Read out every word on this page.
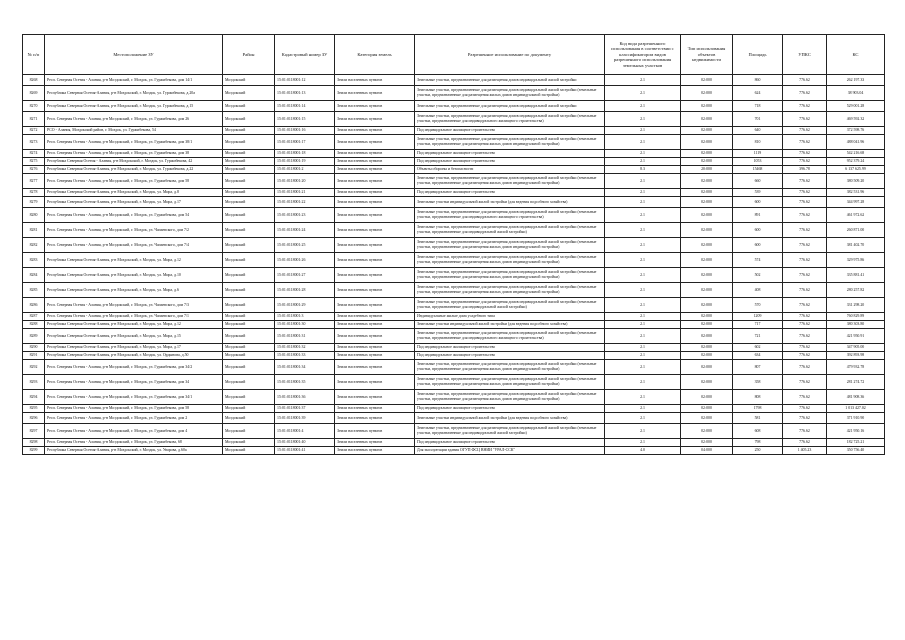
№ п/п	Местоположение ЗУ	Район	Кадастровый номер ЗУ	Категория земель	Разрешенное использование по документу	Код вида разрешенного использования в соответствии с классификатором видов разрешенного использования земельных участков	Тип использования объектов недвижимости	Площадь	УПКС	КС
8268	Респ. Северная Осетия - Алания, р-н Моздокский, г. Моздок, ул. Гуржибекова, дом 14/1	Моздокский	15:01:0118001:12	Земли населенных пунктов	Земельные участки, предназначенные для размещения домов индивидуальной жилой застройки	2.1	02:000	860	776.62	262 197.33
8269	Республика Северная Осетия-Алания, р-н Моздокский, г. Моздок, ул. Гуржибекова, д.20а	Моздокский	15:01:0118001:13	Земли населенных пунктов	Земельные участки, предназначенные для размещения домов индивидуальной жилой застройки (земельные участки, предназначенные для размещения жилых домов индивидуальной застройки)	2.1	02:000	624	776.62	38 903.04
8270	Республика Северная Осетия-Алания, р-н Моздокский, г. Моздок, ул. Гуржибекова, д.15	Моздокский	15:01:0118001:14	Земли населенных пунктов	Земельные участки, предназначенные для размещения домов индивидуальной жилой застройки	2.1	02:000	718	776.62	529 001.28
8271	Респ. Северная Осетия - Алания, р-н Моздокский, г. Моздок, ул. Гуржибекова, дом 26	Моздокский	15:01:0118001:15	Земли населенных пунктов	Земельные участки, предназначенные для размещения домов индивидуальной жилой застройки (земельные участки, предназначенные для индивидуального жилищного строительства)	2.1	02:000	701	776.62	469 592.32
8272	РСО - Алания, Моздокский район, г. Моздок, ул. Гуржибекова, 54	Моздокский	15:01:0118001:16	Земли населенных пунктов	Под индивидуальное жилищное строительство	2.1	02:000	640	776.62	372 598.76
8273	Респ. Северная Осетия - Алания, р-н Моздокский, г. Моздок, ул. Гуржибекова, дом 38/1	Моздокский	15:01:0118001:17	Земли населенных пунктов	Земельные участки, предназначенные для размещения домов индивидуальной жилой застройки (земельные участки, предназначенные для размещения жилых домов индивидуальной застройки)	2.1	02:000	810	776.62	488 041.96
8274	Респ. Северная Осетия - Алания, р-н Моздокский, г. Моздок, ул. Гуржибекова, дом 38	Моздокский	15:01:0118001:18	Земли населенных пунктов	Под индивидуальное жилищное строительство	2.1	02:000	1119	776.62	542 216.68
8275	Республика Северная Осетия - Алания, р-н Моздокский, г. Моздок, ул. Гуржибекова, 42	Моздокский	15:01:0118001:19	Земли населенных пунктов	Под индивидуальное жилищное строительство	2.1	02:000	1053	776.62	952 379.24
8276	Республика Северная Осетия-Алания, р-н Моздокский, г. Моздок, ул. Гуржибекова, д.22	Моздокский	15:01:0118001:2	Земли населенных пунктов	Объекты обороны и безопасности	8.3	20:000	15468	396.78	6 137 625.99
8277	Респ. Северная Осетия - Алания, р-н Моздокский, г. Моздок, ул. Гуржибекова, дом 58	Моздокский	15:01:0118001:20	Земли населенных пунктов	Земельные участки, предназначенные для размещения домов индивидуальной жилой застройки (земельные участки, предназначенные для размещения жилых домов индивидуальной застройки)	2.1	02:000	660	776.62	380 509.20
8278	Республика Северная Осетия-Алания, р-н Моздокский, г. Моздок, ул. Мира, д.8	Моздокский	15:01:0118001:21	Земли населенных пунктов	Под индивидуальное жилищное строительство	2.1	02:000	539	776.62	382 531.96
8279	Республика Северная Осетия-Алания, р-н Моздокский, г. Моздок, ул. Мира, д.17	Моздокский	15:01:0118001:22	Земли населенных пунктов	Земельные участки индивидуальной жилой застройки (для ведения подсобного хозяйства)	2.1	02:000	600	776.62	344 997.28
8280	Респ. Северная Осетия - Алания, р-н Моздокский, г. Моздок, ул. Гуржибекова, дом 54	Моздокский	15:01:0118001:23	Земли населенных пунктов	Земельные участки, предназначенные для размещения домов индивидуальной жилой застройки (земельные участки, предназначенные для индивидуального жилищного строительства)	2.1	02:000	891	776.62	461 972.62
8281	Респ. Северная Осетия - Алания, р-н Моздокский, г. Моздок, ул. Чапаевского, дом 7/2	Моздокский	15:01:0118001:24	Земли населенных пунктов	Земельные участки, предназначенные для размещения домов индивидуальной жилой застройки (земельные участки, предназначенные для индивидуальной жилой застройки)	2.1	02:000	600	776.62	260 871.00
8282	Респ. Северная Осетия - Алания, р-н Моздокский, г. Моздок, ул. Чапаевского, дом 7/4	Моздокский	15:01:0118001:25	Земли населенных пунктов	Земельные участки, предназначенные для размещения домов индивидуальной жилой застройки (земельные участки, предназначенные для размещения жилых домов индивидуальной застройки)	2.1	02:000	600	776.62	381 402.70
8283	Республика Северная Осетия-Алания, р-н Моздокский, г. Моздок, ул. Мира, д.12	Моздокский	15:01:0118001:26	Земли населенных пунктов	Земельные участки, предназначенные для размещения домов индивидуальной жилой застройки (земельные участки, предназначенные для размещения жилых домов индивидуальной застройки)	2.1	02:000	574	776.62	329 975.86
8284	Республика Северная Осетия-Алания, р-н Моздокский, г. Моздок, ул. Мира, д.10	Моздокский	15:01:0118001:27	Земли населенных пунктов	Земельные участки, предназначенные для размещения домов индивидуальной жилой застройки (земельные участки, предназначенные для размещения жилых домов индивидуальной застройки)	2.1	02:000	502	776.62	335 881.41
8285	Республика Северная Осетия-Алания, р-н Моздокский, г. Моздок, ул. Мира, д.6	Моздокский	15:01:0118001:28	Земли населенных пунктов	Земельные участки, предназначенные для размещения домов индивидуальной жилой застройки (земельные участки, предназначенные для размещения жилых домов индивидуальной застройки)	2.1	02:000	408	776.62	280 257.82
8286	Респ. Северная Осетия - Алания, р-н Моздокский, г. Моздок, ул. Чапаевского, дом 7/3	Моздокский	15:01:0118001:29	Земли населенных пунктов	Земельные участки, предназначенные для размещения домов индивидуальной жилой застройки (земельные участки, предназначенные для индивидуальной жилой застройки)	2.1	02:000	570	776.62	331 298.20
8287	Респ. Северная Осетия - Алания, р-н Моздокский, г. Моздок, ул. Чапаевского, дом 7/1	Моздокский	15:01:0118001:3	Земли населенных пунктов	Индивидуальные жилые дома усадебного типа	2.1	02:000	1209	776.62	760 829.89
8288	Республика Северная Осетия-Алания, р-н Моздокский, г. Моздок, ул. Мира, д.12	Моздокский	15:01:0118001:30	Земли населенных пунктов	Земельные участки индивидуальной жилой застройки (для ведения подсобного хозяйства)	2.1	02:000	717	776.62	380 303.80
8289	Республика Северная Осетия-Алания, р-н Моздокский, г. Моздок, ул. Мира, д.15	Моздокский	15:01:0118001:31	Земли населенных пунктов	Земельные участки, предназначенные для размещения домов индивидуальной жилой застройки (земельные участки, предназначенные для индивидуального жилищного строительства)	2.1	02:000	721	776.62	421 950.91
8290	Республика Северная Осетия-Алания, р-н Моздокский, г. Моздок, ул. Мира, д.17	Моздокский	15:01:0118001:32	Земли населенных пунктов	Под индивидуальное жилищное строительство	2.1	02:000	602	776.62	347 905.00
8291	Республика Северная Осетия-Алания, р-н Моздокский, г. Моздок, ул. Ордынова, д.50	Моздокский	15:01:0118001:33	Земли населенных пунктов	Под индивидуальное жилищное строительство	2.1	02:000	634	776.62	392 893.98
8292	Респ. Северная Осетия - Алания, р-н Моздокский, г. Моздок, ул. Гуржибекова, дом 34/2	Моздокский	15:01:0118001:34	Земли населенных пунктов	Земельные участки, предназначенные для размещения домов индивидуальной жилой застройки (земельные участки, предназначенные для размещения жилых домов индивидуальной застройки)	2.1	02:000	807	776.62	479 932.78
8293	Респ. Северная Осетия - Алания, р-н Моздокский, г. Моздок, ул. Гуржибекова, дом 34	Моздокский	15:01:0118001:35	Земли населенных пунктов	Земельные участки, предназначенные для размещения домов индивидуальной жилой застройки (земельные участки, предназначенные для размещения жилых домов индивидуальной застройки)	2.1	02:000	358	776.62	281 274.72
8294	Респ. Северная Осетия - Алания, р-н Моздокский, г. Моздок, ул. Гуржибекова, дом 34/1	Моздокский	15:01:0118001:36	Земли населенных пунктов	Земельные участки, предназначенные для размещения домов индивидуальной жилой застройки (земельные участки, предназначенные для размещения жилых домов индивидуальной застройки)	2.1	02:000	808	776.62	481 908.36
8295	Респ. Северная Осетия - Алания, р-н Моздокский, г. Моздок, ул. Гуржибекова, дом 58	Моздокский	15:01:0118001:37	Земли населенных пунктов	Под индивидуальное жилищное строительство	2.1	02:000	1798	776.62	1 013 427.02
8296	Респ. Северная Осетия - Алания, р-н Моздокский, г. Моздок, ул. Гуржибекова, дом 2	Моздокский	15:01:0118001:39	Земли населенных пунктов	Земельные участки индивидуальной жилой застройки (для ведения подсобного хозяйства)	2.1	02:000	581	776.62	371 910.90
8297	Респ. Северная Осетия - Алания, р-н Моздокский, г. Моздок, ул. Гуржибекова, дом 4	Моздокский	15:01:0118001:4	Земли населенных пунктов	Земельные участки, предназначенные для размещения домов индивидуальной жилой застройки (земельные участки, предназначенные для индивидуальной жилой застройки)	2.1	02:000	608	776.62	421 950.16
8298	Респ. Северная Осетия - Алания, р-н Моздокский, г. Моздок, ул. Гуржибекова, 68	Моздокский	15:01:0118001:40	Земли населенных пунктов	Под индивидуальное жилищное строительство	2.1	02:000	798	776.62	182 725.21
8299	Республика Северная Осетия-Алания, р-н Моздокский, г. Моздок, ул. Уварова, д.60а	Моздокский	15:01:0118001:41	Земли населенных пунктов	Для эксплуатации здания ОГУП ФСЦ ВНИИ "УРАЛ-ССК"	4.0	04:000	250	1 405.23	350 756.40
